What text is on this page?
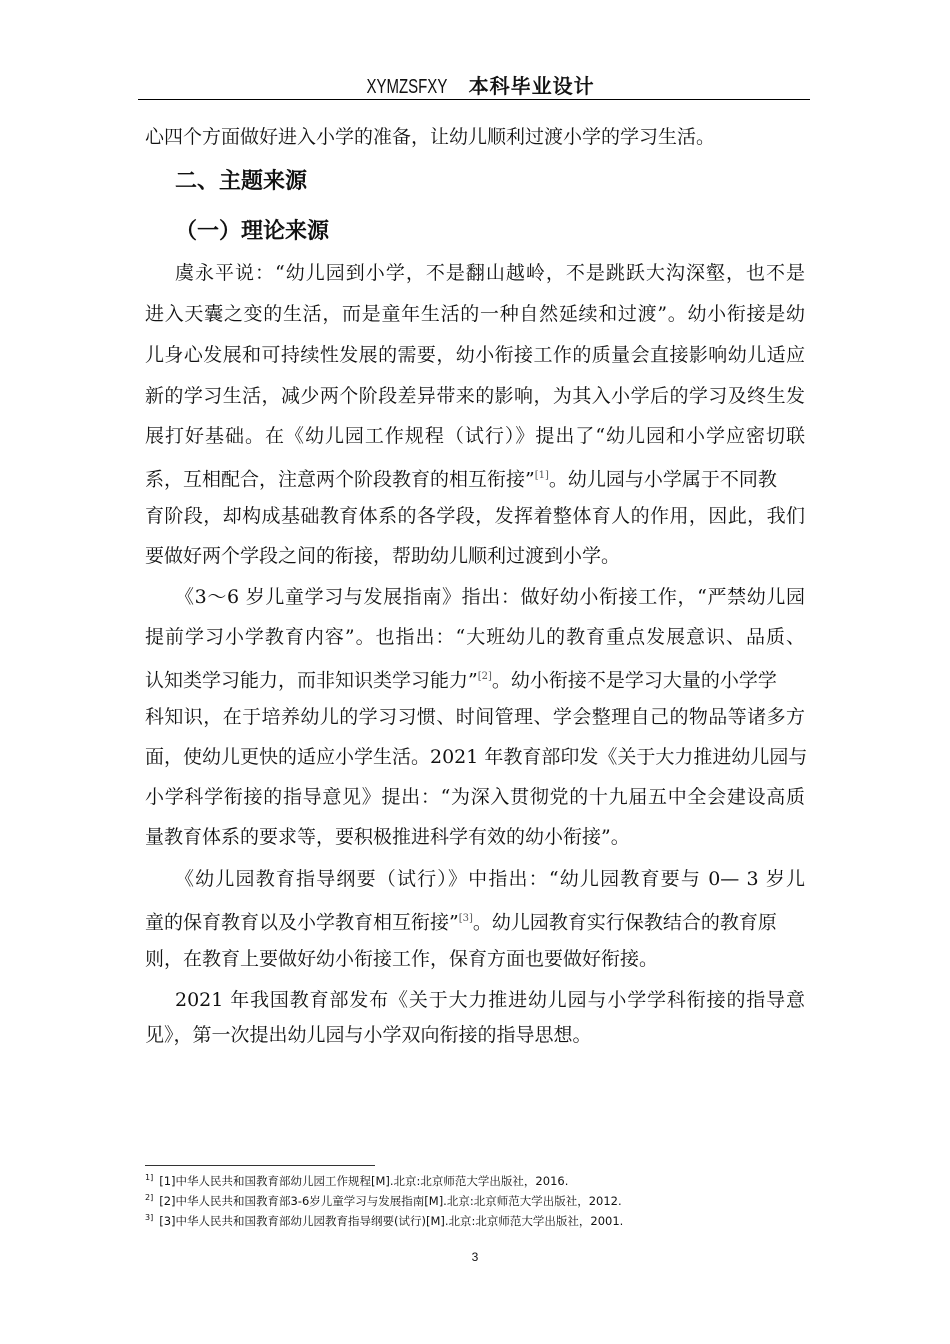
XYMZSFXY 本科毕业设计
心四个方面做好进入小学的准备，让幼儿顺利过渡小学的学习生活。
二、主题来源
（一）理论来源
虞永平说：“幼儿园到小学，不是翻山越岭，不是跳跃大沟深壑，也不是
进入天囊之变的生活，而是童年生活的一种自然延续和过渡”。幼小衔接是幼
儿身心发展和可持续性发展的需要，幼小衔接工作的质量会直接影响幼儿适应
新的学习生活，减少两个阶段差异带来的影响，为其入小学后的学习及终生发
展打好基础。在《幼儿园工作规程（试行）》提出了“幼儿园和小学应密切联
系，互相配合，注意两个阶段教育的相互衔接”[1]。幼儿园与小学属于不同教
育阶段，却构成基础教育体系的各学段，发挥着整体育人的作用，因此，我们
要做好两个学段之间的衔接，帮助幼儿顺利过渡到小学。
《3～6 岁儿童学习与发展指南》指出：做好幼小衔接工作，“严禁幼儿园
提前学习小学教育内容”。也指出：“大班幼儿的教育重点发展意识、品质、
认知类学习能力，而非知识类学习能力”[2]。幼小衔接不是学习大量的小学学
科知识，在于培养幼儿的学习习惯、时间管理、学会整理自己的物品等诸多方
面，使幼儿更快的适应小学生活。2021 年教育部印发《关于大力推进幼儿园与
小学科学衔接的指导意见》提出：“为深入贯彻党的十九届五中全会建设高质
量教育体系的要求等，要积极推进科学有效的幼小衔接”。
《幼儿园教育指导纲要（试行）》中指出：“幼儿园教育要与 0— 3 岁儿
童的保育教育以及小学教育相互衔接”[3]。幼儿园教育实行保教结合的教育原
则，在教育上要做好幼小衔接工作，保育方面也要做好衔接。
2021 年我国教育部发布《关于大力推进幼儿园与小学学科衔接的指导意
见》，第一次提出幼儿园与小学双向衔接的指导思想。
$^{1]}$ [1]中华人民共和国教育部幼儿园工作规程[M].北京:北京师范大学出版社，2016.
$^{2]}$ [2]中华人民共和国教育部3-6岁儿童学习与发展指南[M].北京:北京师范大学出版社，2012.
$^{3]}$ [3]中华人民共和国教育部幼儿园教育指导纲要(试行)[M].北京:北京师范大学出版社，2001.
3
